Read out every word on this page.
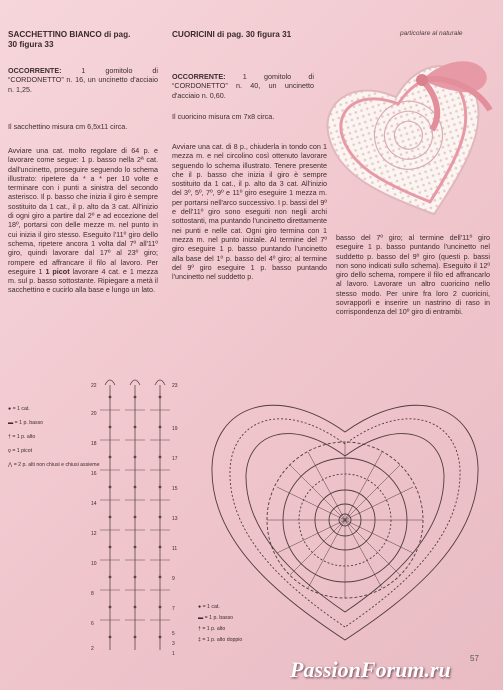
SACCHETTINO BIANCO di pag. 30 figura 33
OCCORRENTE:	1 gomitolo di “CORDONETTO” n. 16, un uncinetto d'acciaio n. 1,25.
Il sacchettino misura cm 6,5x11 circa.
Avviare una cat. molto regolare di 64 p. e lavorare come segue: 1 p. basso nella 2ª cat. dall'uncinetto, proseguire seguendo lo schema illustrato: ripetere da * a * per 10 volte e terminare con i punti a sinistra del secondo asterisco. Il p. basso che inizia il giro è sempre sostituito da 1 cat., il p. alto da 3 cat. All'inizio di ogni giro a partire dal 2º e ad eccezione del 18º, portarsi con delle mezze m. nel punto in cui inizia il giro stesso. Eseguito l'11º giro dello schema, ripetere ancora 1 volta dal 7º all'11º giro, quindi lavorare dal 17º al 23º giro; rompere ed affrancare il filo al lavoro. Per eseguire 1 1 picot lavorare 4 cat. e 1 mezza m. sul p. basso sottostante. Ripiegare a metà il sacchettino e cucirlo alla base e lungo un lato.
CUORICINI di pag. 30 figura 31
OCCORRENTE: 1 gomitolo di “CORDONETTO” n. 40, un uncinetto d'acciaio n. 0,60.
Il cuoricino misura cm 7x8 circa.
Avviare una cat. di 8 p., chiuderla in tondo con 1 mezza m. e nel circolino così ottenuto lavorare seguendo lo schema illustrato. Tenere presente che il p. basso che inizia il giro è sempre sostituito da 1 cat., il p. alto da 3 cat. All'inizio del 3º, 5º, 7º, 9º e 11º giro eseguire 1 mezza m. per portarsi nell'arco successivo. I p. bassi del 9º e dell'11º giro sono eseguiti non negli archi sottostanti, ma puntando l'uncinetto direttamente nei punti e nelle cat. Ogni giro termina con 1 mezza m. nel punto iniziale. Al termine del 7º giro eseguire 1 p. basso puntando l'uncinetto alla base del 1º p. basso del 4º giro; al termine del 9º giro eseguire 1 p. basso puntando l'uncinetto nel suddetto p.
basso del 7º giro; al termine dell'11º giro eseguire 1 p. basso puntando l'uncinetto nel suddetto p. basso del 9º giro (questi p. bassi non sono indicati sullo schema). Eseguito il 12º giro dello schema, rompere il filo ed affrancarlo al lavoro. Lavorare un altro cuoricino nello stesso modo. Per unire fra loro 2 cuoricini, sovrapporli e inserire un nastrino di raso in corrispondenza del 10º giro di entrambi.
particolare al naturale
● = 1 cat.
▬ = 1 p. basso
† = 1 p. alto
ϙ = 1 picot
⋀ = 2 p. alti non chiusi e chiusi assieme
22
20
18
16
14
12
10
8
6
2
23
19
17
15
13
11
9
7
5
3
1
● = 1 cat.
▬ = 1 p. basso
† = 1 p. alto
‡ = 1 p. alto doppio
57
PassionForum.ru
